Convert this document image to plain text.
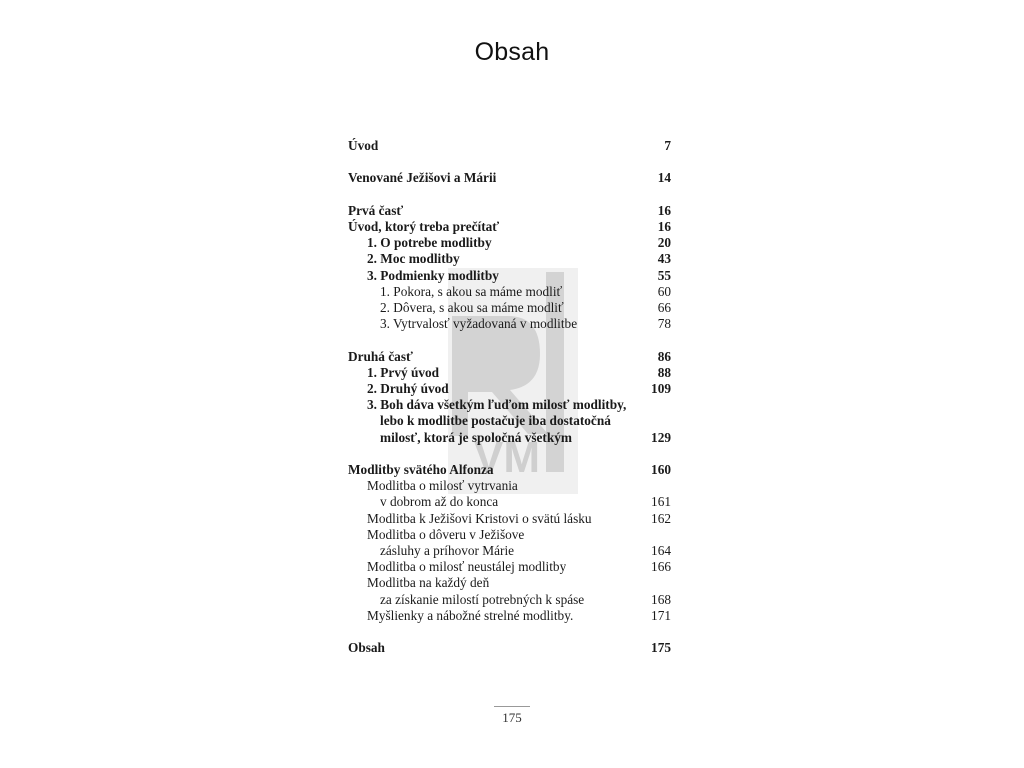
Obsah
VM
Úvod	7
Venované Ježišovi a Márii	14
Prvá časť	16
Úvod, ktorý treba prečítať	16
1. O potrebe modlitby	20
2. Moc modlitby	43
3. Podmienky modlitby	55
1. Pokora, s akou sa máme modliť	60
2. Dôvera, s akou sa máme modliť	66
3. Vytrvalosť vyžadovaná v modlitbe	78
Druhá časť	86
1. Prvý úvod	88
2. Druhý úvod	109
3. Boh dáva všetkým ľuďom milosť modlitby,
lebo k modlitbe postačuje iba dostatočná
milosť, ktorá je spoločná všetkým	129
Modlitby svätého Alfonza	160
Modlitba o milosť vytrvania
v dobrom až do konca	161
Modlitba k Ježišovi Kristovi o svätú lásku	162
Modlitba o dôveru v Ježišove
zásluhy a príhovor Márie	164
Modlitba o milosť neustálej modlitby	166
Modlitba na každý deň
za získanie milostí potrebných k spáse	168
Myšlienky a nábožné strelné modlitby.	171
Obsah	175
175
